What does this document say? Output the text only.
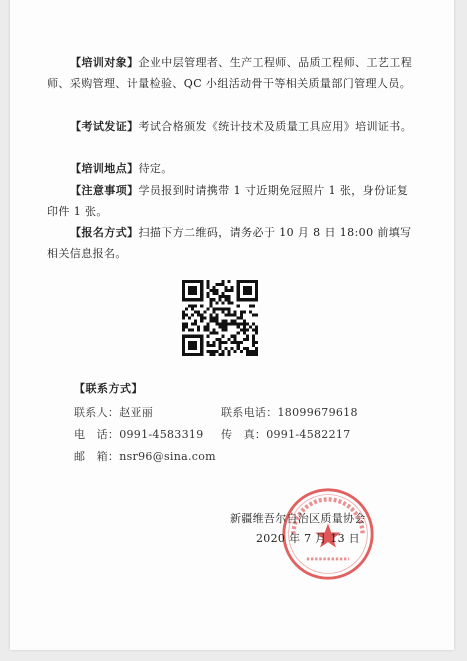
【培训对象】企业中层管理者、生产工程师、品质工程师、工艺工程师、采购管理、计量检验、QC 小组活动骨干等相关质量部门管理人员。
【考试发证】考试合格颁发《统计技术及质量工具应用》培训证书。
【培训地点】待定。
【注意事项】学员报到时请携带 1 寸近期免冠照片 1 张，身份证复印件 1 张。
【报名方式】扫描下方二维码，请务必于 10 月 8 日 18:00 前填写相关信息报名。
【联系方式】
联系人：赵亚丽	联系电话：18099679618
电　话：0991-4583319 传　真：0991-4582217
邮　箱：nsr96@sina.com
新疆维吾尔自治区质量协会
2020 年 7 月 13 日
